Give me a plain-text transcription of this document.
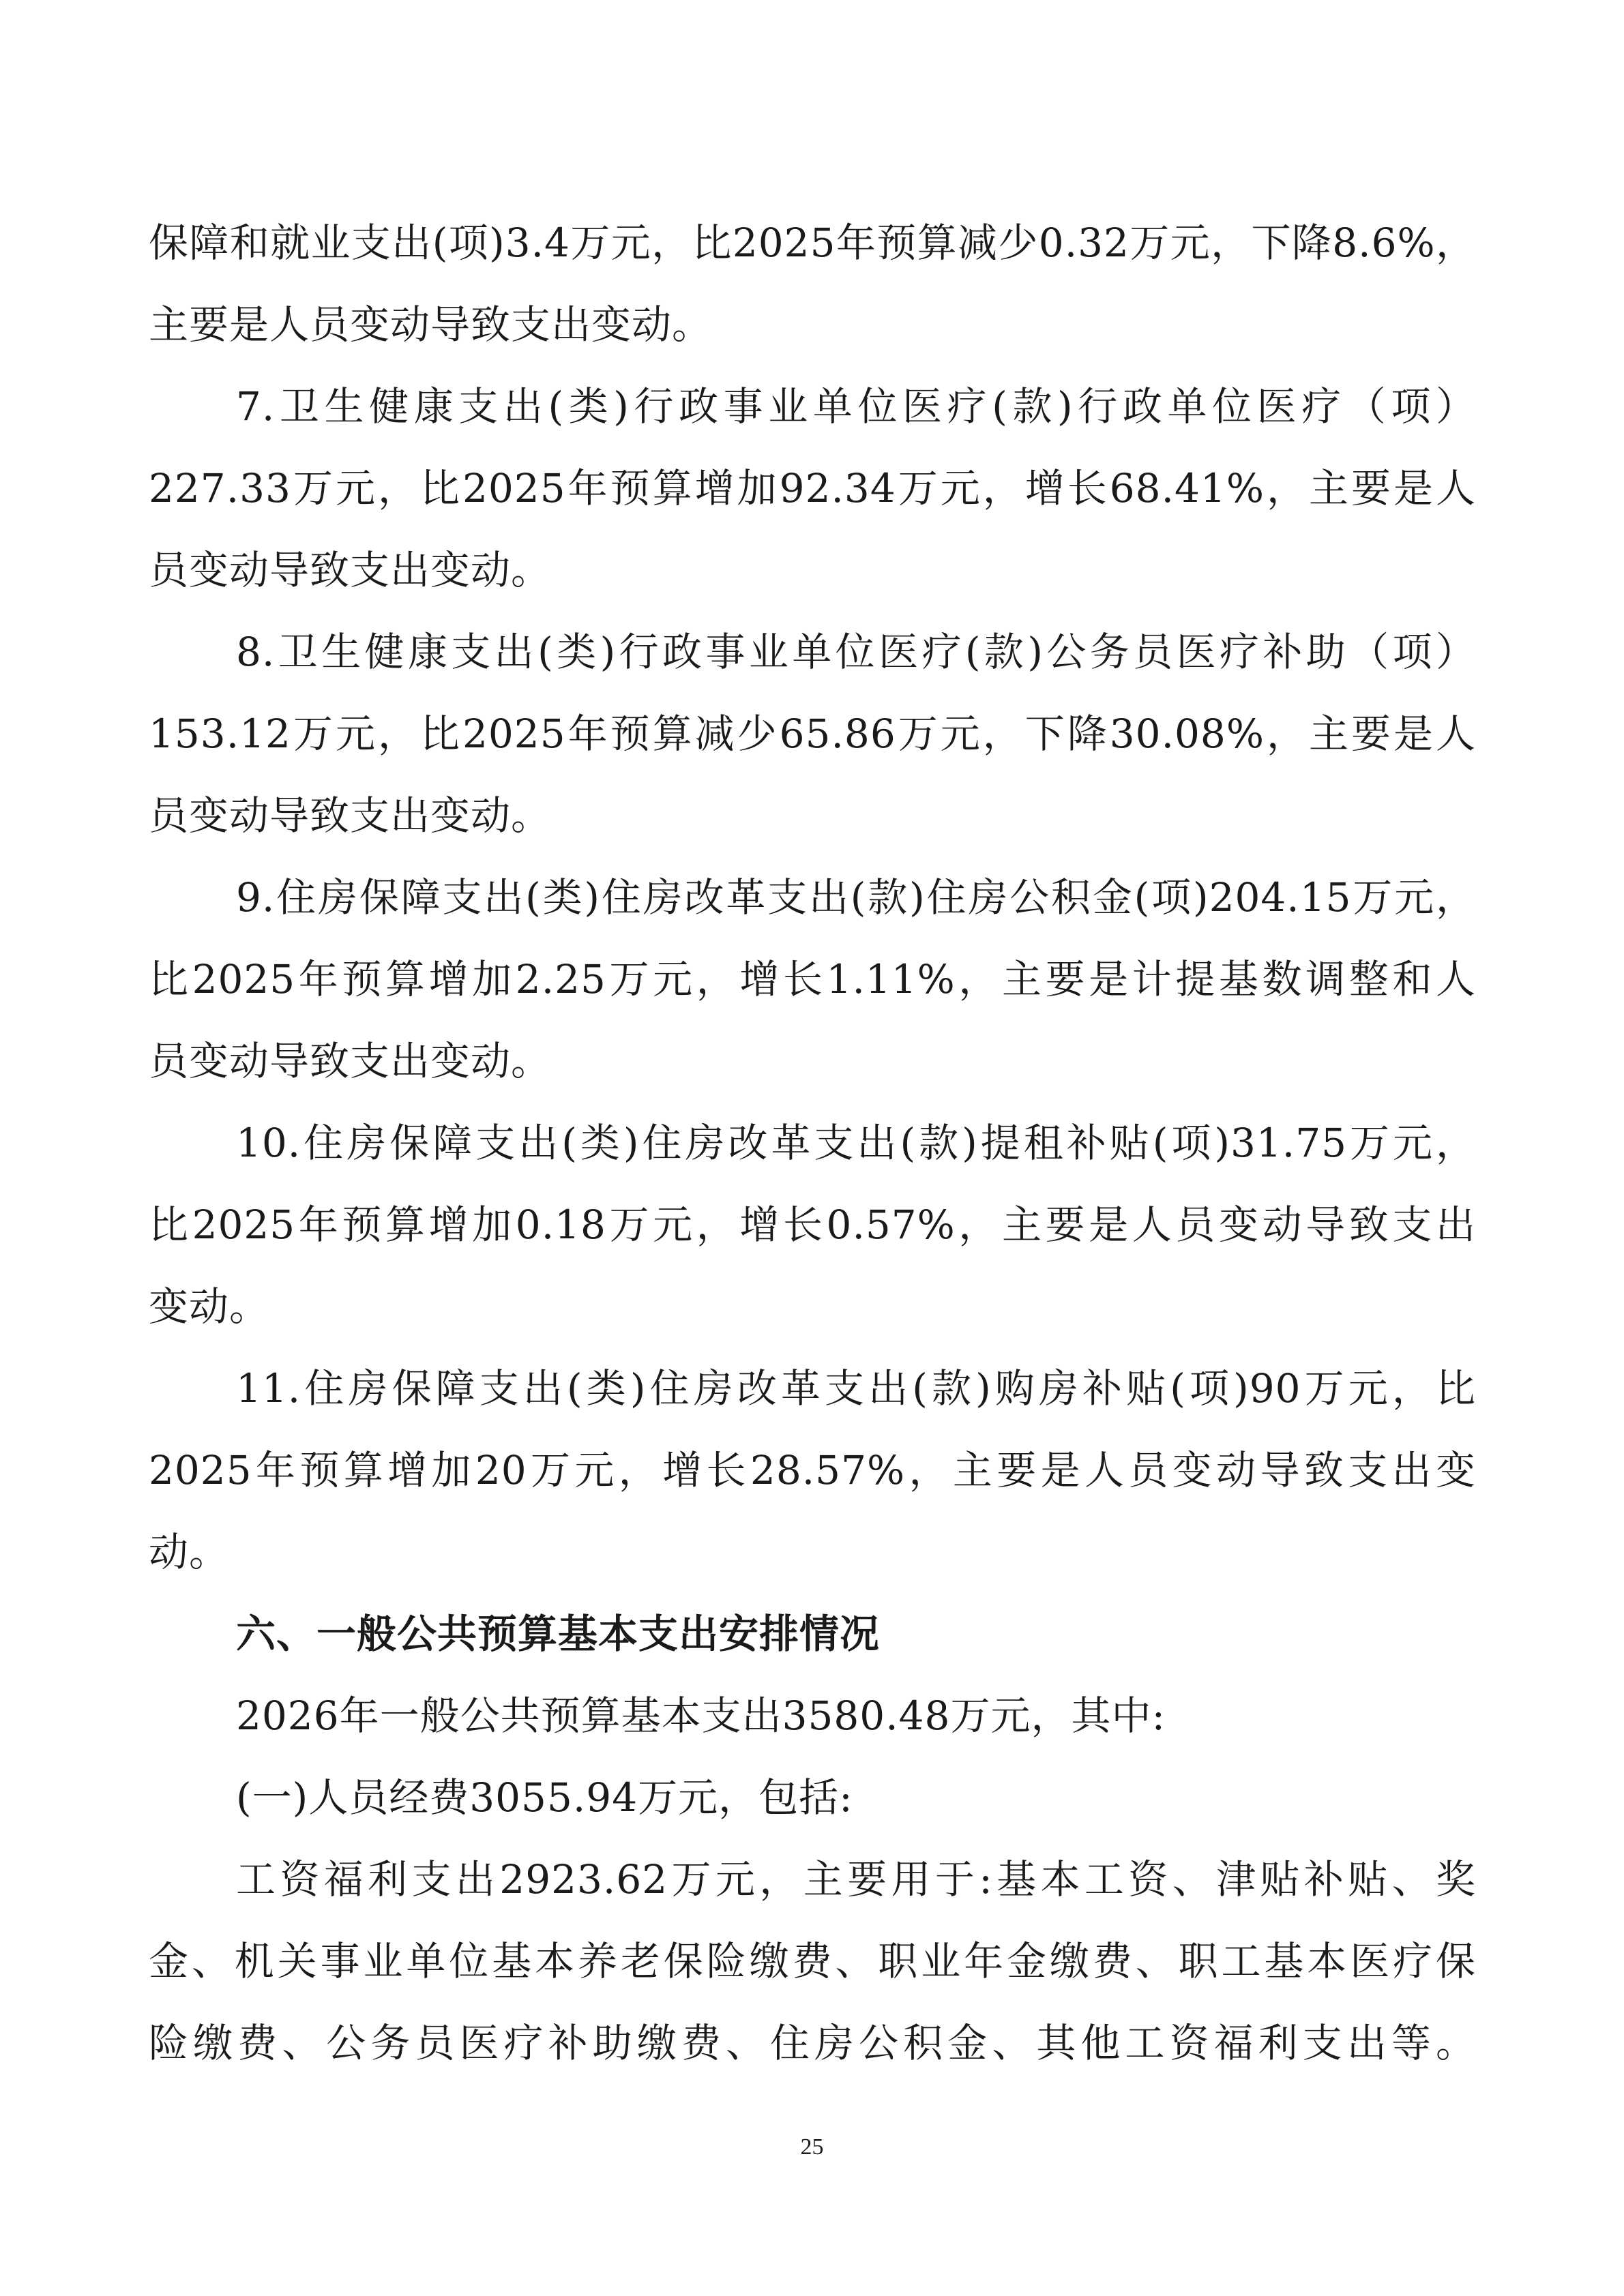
保障和就业支出(项)3.4万元，比2025年预算减少0.32万元，下降8.6%，
主要是人员变动导致支出变动。
7.卫生健康支出(类)行政事业单位医疗(款)行政单位医疗（项）
227.33万元，比2025年预算增加92.34万元，增长68.41%，主要是人
员变动导致支出变动。
8.卫生健康支出(类)行政事业单位医疗(款)公务员医疗补助（项）
153.12万元，比2025年预算减少65.86万元，下降30.08%，主要是人
员变动导致支出变动。
9.住房保障支出(类)住房改革支出(款)住房公积金(项)204.15万元，
比2025年预算增加2.25万元，增长1.11%，主要是计提基数调整和人
员变动导致支出变动。
10.住房保障支出(类)住房改革支出(款)提租补贴(项)31.75万元，
比2025年预算增加0.18万元，增长0.57%，主要是人员变动导致支出
变动。
11.住房保障支出(类)住房改革支出(款)购房补贴(项)90万元，比
2025年预算增加20万元，增长28.57%，主要是人员变动导致支出变
动。
六、一般公共预算基本支出安排情况
2026年一般公共预算基本支出3580.48万元，其中:
(一)人员经费3055.94万元，包括:
工资福利支出2923.62万元，主要用于:基本工资、津贴补贴、奖
金、机关事业单位基本养老保险缴费、职业年金缴费、职工基本医疗保
险缴费、公务员医疗补助缴费、住房公积金、其他工资福利支出等。
25
